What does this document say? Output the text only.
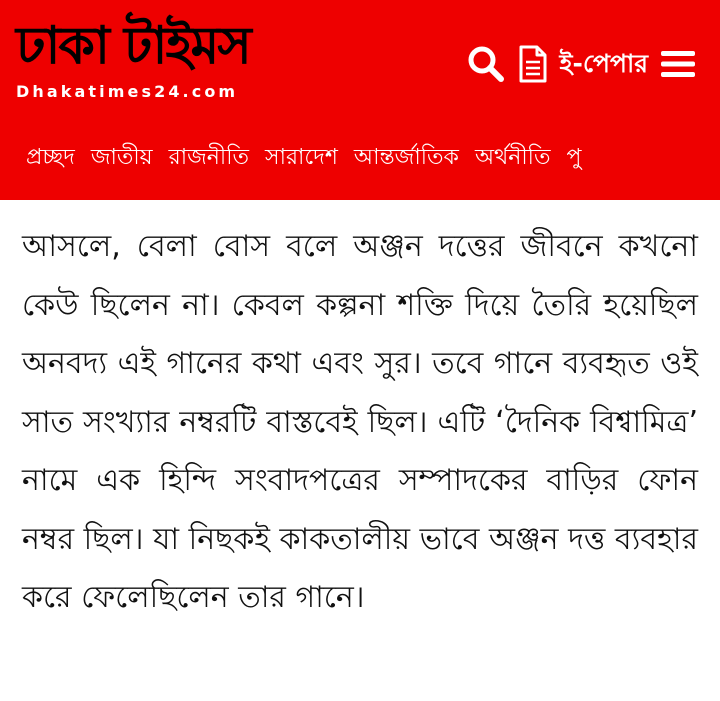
ঢাকা টাইমস
Dhakatimes24.com
ই-পেপার
প্রচ্ছদ জাতীয় রাজনীতি সারাদেশ আন্তর্জাতিক অর্থনীতি পু

আসলে, বেলা বোস বলে অঞ্জন দত্তের জীবনে কখনো কেউ ছিলেন না। কেবল কল্পনা শক্তি দিয়ে তৈরি হয়েছিল অনবদ্য এই গানের কথা এবং সুর। তবে গানে ব্যবহৃত ওই সাত সংখ্যার নম্বরটি বাস্তবেই ছিল। এটি ‘দৈনিক বিশ্বামিত্র’ নামে এক হিন্দি সংবাদপত্রের সম্পাদকের বাড়ির ফোন নম্বর ছিল। যা নিছকই কাকতালীয় ভাবে অঞ্জন দত্ত ব্যবহার করে ফেলেছিলেন তার গানে।
